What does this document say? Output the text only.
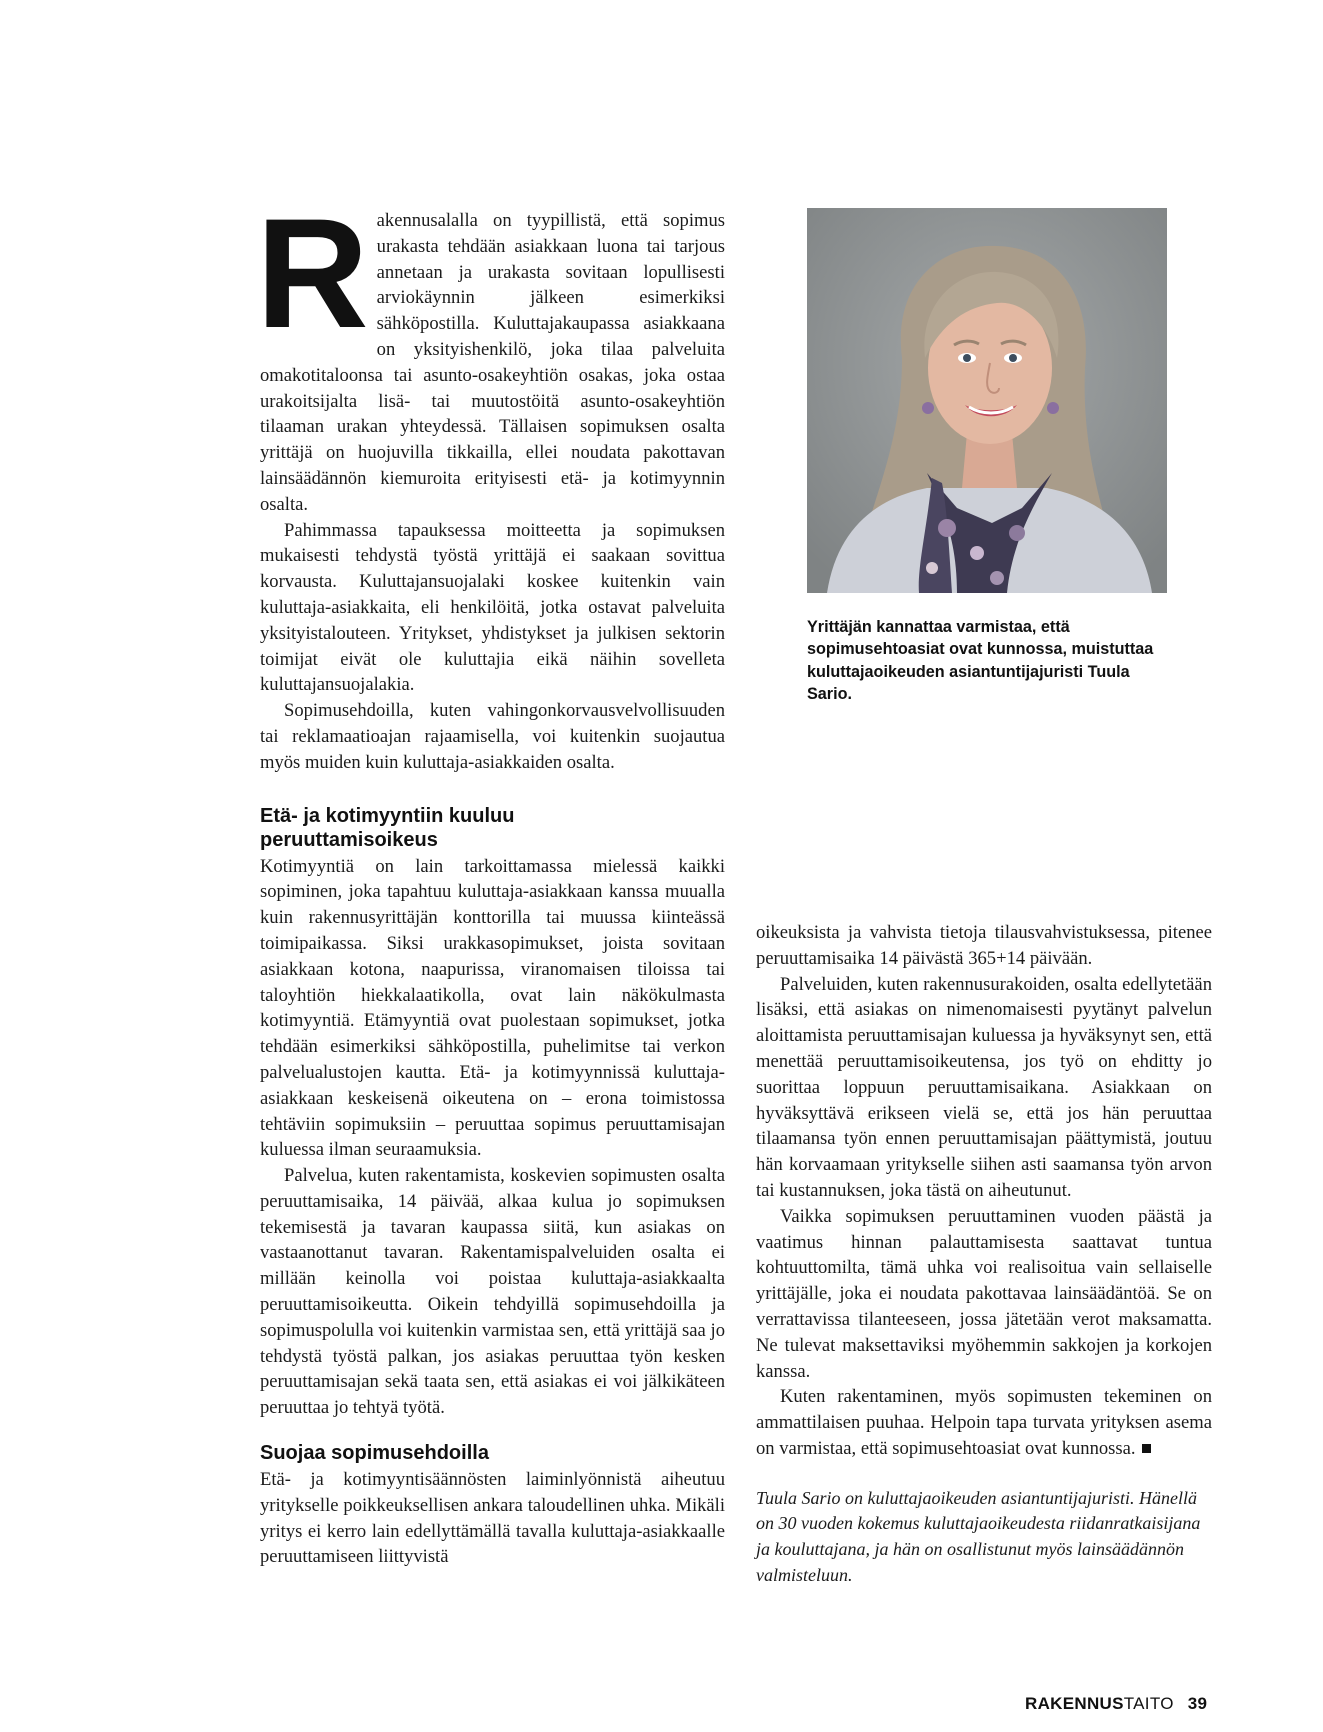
Rakennusalalla on tyypillistä, että sopimus urakasta tehdään asiakkaan luona tai tarjous annetaan ja urakasta sovitaan lopullisesti arviokäynnin jälkeen esimerkiksi sähköpostilla. Kuluttajakaupassa asiakkaana on yksityishenkilö, joka tilaa palveluita omakotitaloonsa tai asunto-osakeyhtiön osakas, joka ostaa urakoitsijalta lisä- tai muutostöitä asunto-osakeyhtiön tilaaman urakan yhteydessä. Tällaisen sopimuksen osalta yrittäjä on huojuvilla tikkailla, ellei noudata pakottavan lainsäädännön kiemuroita erityisesti etä- ja kotimyynnin osalta.

Pahimmassa tapauksessa moitteetta ja sopimuksen mukaisesti tehdystä työstä yrittäjä ei saakaan sovittua korvausta. Kuluttajansuojalaki koskee kuitenkin vain kuluttaja-asiakkaita, eli henkilöitä, jotka ostavat palveluita yksityistalouteen. Yritykset, yhdistykset ja julkisen sektorin toimijat eivät ole kuluttajia eikä näihin sovelleta kuluttajansuojalakia.

Sopimusehdoilla, kuten vahingonkorvausvelvollisuuden tai reklamaatioajan rajaamisella, voi kuitenkin suojautua myös muiden kuin kuluttaja-asiakkaiden osalta.

Etä- ja kotimyyntiin kuuluu
peruuttamisoikeus

Kotimyyntiä on lain tarkoittamassa mielessä kaikki sopiminen, joka tapahtuu kuluttaja-asiakkaan kanssa muualla kuin rakennusyrittäjän konttorilla tai muussa kiinteässä toimipaikassa. Siksi urakkasopimukset, joista sovitaan asiakkaan kotona, naapurissa, viranomaisen tiloissa tai taloyhtiön hiekkalaatikolla, ovat lain näkökulmasta kotimyyntiä. Etämyyntiä ovat puolestaan sopimukset, jotka tehdään esimerkiksi sähköpostilla, puhelimitse tai verkon palvelualustojen kautta. Etä- ja kotimyynnissä kuluttaja-asiakkaan keskeisenä oikeutena on – erona toimistossa tehtäviin sopimuksiin – peruuttaa sopimus peruuttamisajan kuluessa ilman seuraamuksia.

Palvelua, kuten rakentamista, koskevien sopimusten osalta peruuttamisaika, 14 päivää, alkaa kulua jo sopimuksen tekemisestä ja tavaran kaupassa siitä, kun asiakas on vastaanottanut tavaran. Rakentamispalveluiden osalta ei millään keinolla voi poistaa kuluttaja-asiakkaalta peruuttamisoikeutta. Oikein tehdyillä sopimusehdoilla ja sopimuspolulla voi kuitenkin varmistaa sen, että yrittäjä saa jo tehdystä työstä palkan, jos asiakas peruuttaa työn kesken peruuttamisajan sekä taata sen, että asiakas ei voi jälkikäteen peruuttaa jo tehtyä työtä.

Suojaa sopimusehdoilla

Etä- ja kotimyyntisäännösten laiminlyönnistä aiheutuu yritykselle poikkeuksellisen ankara taloudellinen uhka. Mikäli yritys ei kerro lain edellyttämällä tavalla kuluttaja-asiakkaalle peruuttamiseen liittyvistä

Yrittäjän kannattaa varmistaa, että sopimusehtoasiat ovat kunnossa, muistuttaa kuluttajaoikeuden asiantuntijajuristi Tuula Sario.

oikeuksista ja vahvista tietoja tilausvahvistuksessa, pitenee peruuttamisaika 14 päivästä 365+14 päivään.

Palveluiden, kuten rakennusurakoiden, osalta edellytetään lisäksi, että asiakas on nimenomaisesti pyytänyt palvelun aloittamista peruuttamisajan kuluessa ja hyväksynyt sen, että menettää peruuttamisoikeutensa, jos työ on ehditty jo suorittaa loppuun peruuttamisaikana. Asiakkaan on hyväksyttävä erikseen vielä se, että jos hän peruuttaa tilaamansa työn ennen peruuttamisajan päättymistä, joutuu hän korvaamaan yritykselle siihen asti saamansa työn arvon tai kustannuksen, joka tästä on aiheutunut.

Vaikka sopimuksen peruuttaminen vuoden päästä ja vaatimus hinnan palauttamisesta saattavat tuntua kohtuuttomilta, tämä uhka voi realisoitua vain sellaiselle yrittäjälle, joka ei noudata pakottavaa lainsäädäntöä. Se on verrattavissa tilanteeseen, jossa jätetään verot maksamatta. Ne tulevat maksettaviksi myöhemmin sakkojen ja korkojen kanssa.

Kuten rakentaminen, myös sopimusten tekeminen on ammattilaisen puuhaa. Helpoin tapa turvata yrityksen asema on varmistaa, että sopimusehtoasiat ovat kunnossa.

Tuula Sario on kuluttajaoikeuden asiantuntijajuristi. Hänellä on 30 vuoden kokemus kuluttajaoikeudesta riidanratkaisijana ja kouluttajana, ja hän on osallistunut myös lainsäädännön valmisteluun.

RAKENNUSTAITO 39
